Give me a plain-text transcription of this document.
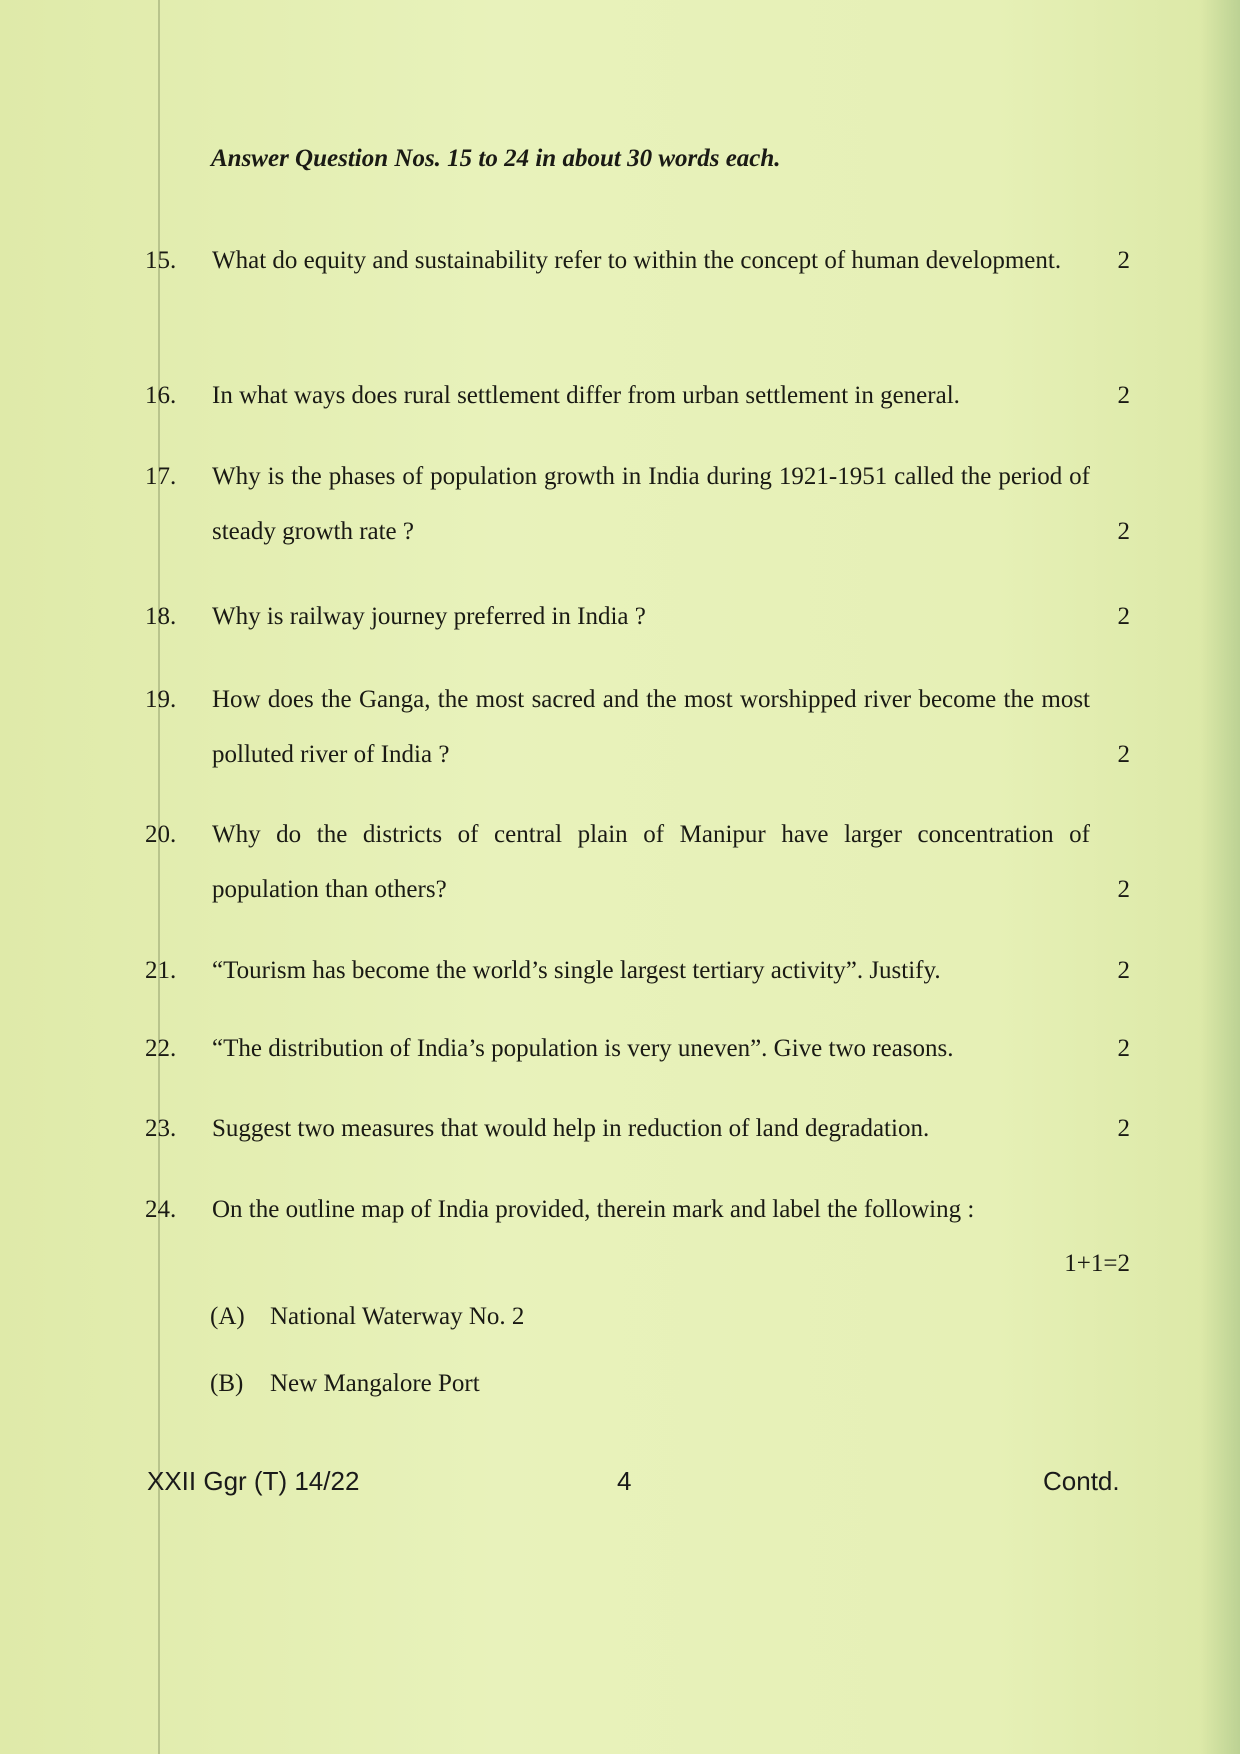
Answer Question Nos. 15 to 24 in about 30 words each.
15. What do equity and sustainability refer to within the concept of human development.	2
16. In what ways does rural settlement differ from urban settlement in general.	2
17. Why is the phases of population growth in India during 1921-1951 called the period of steady growth rate ?	2
18. Why is railway journey preferred in India ?	2
19. How does the Ganga, the most sacred and the most worshipped river become the most polluted river of India ?	2
20. Why do the districts of central plain of Manipur have larger concentration of population than others?	2
21. “Tourism has become the world’s single largest tertiary activity”. Justify.	2
22. “The distribution of India’s population is very uneven”. Give two reasons.	2
23. Suggest two measures that would help in reduction of land degradation.	2
24. On the outline map of India provided, therein mark and label the following :
1+1=2
(A) National Waterway No. 2
(B) New Mangalore Port
XXII Ggr (T) 14/22	4	Contd.
